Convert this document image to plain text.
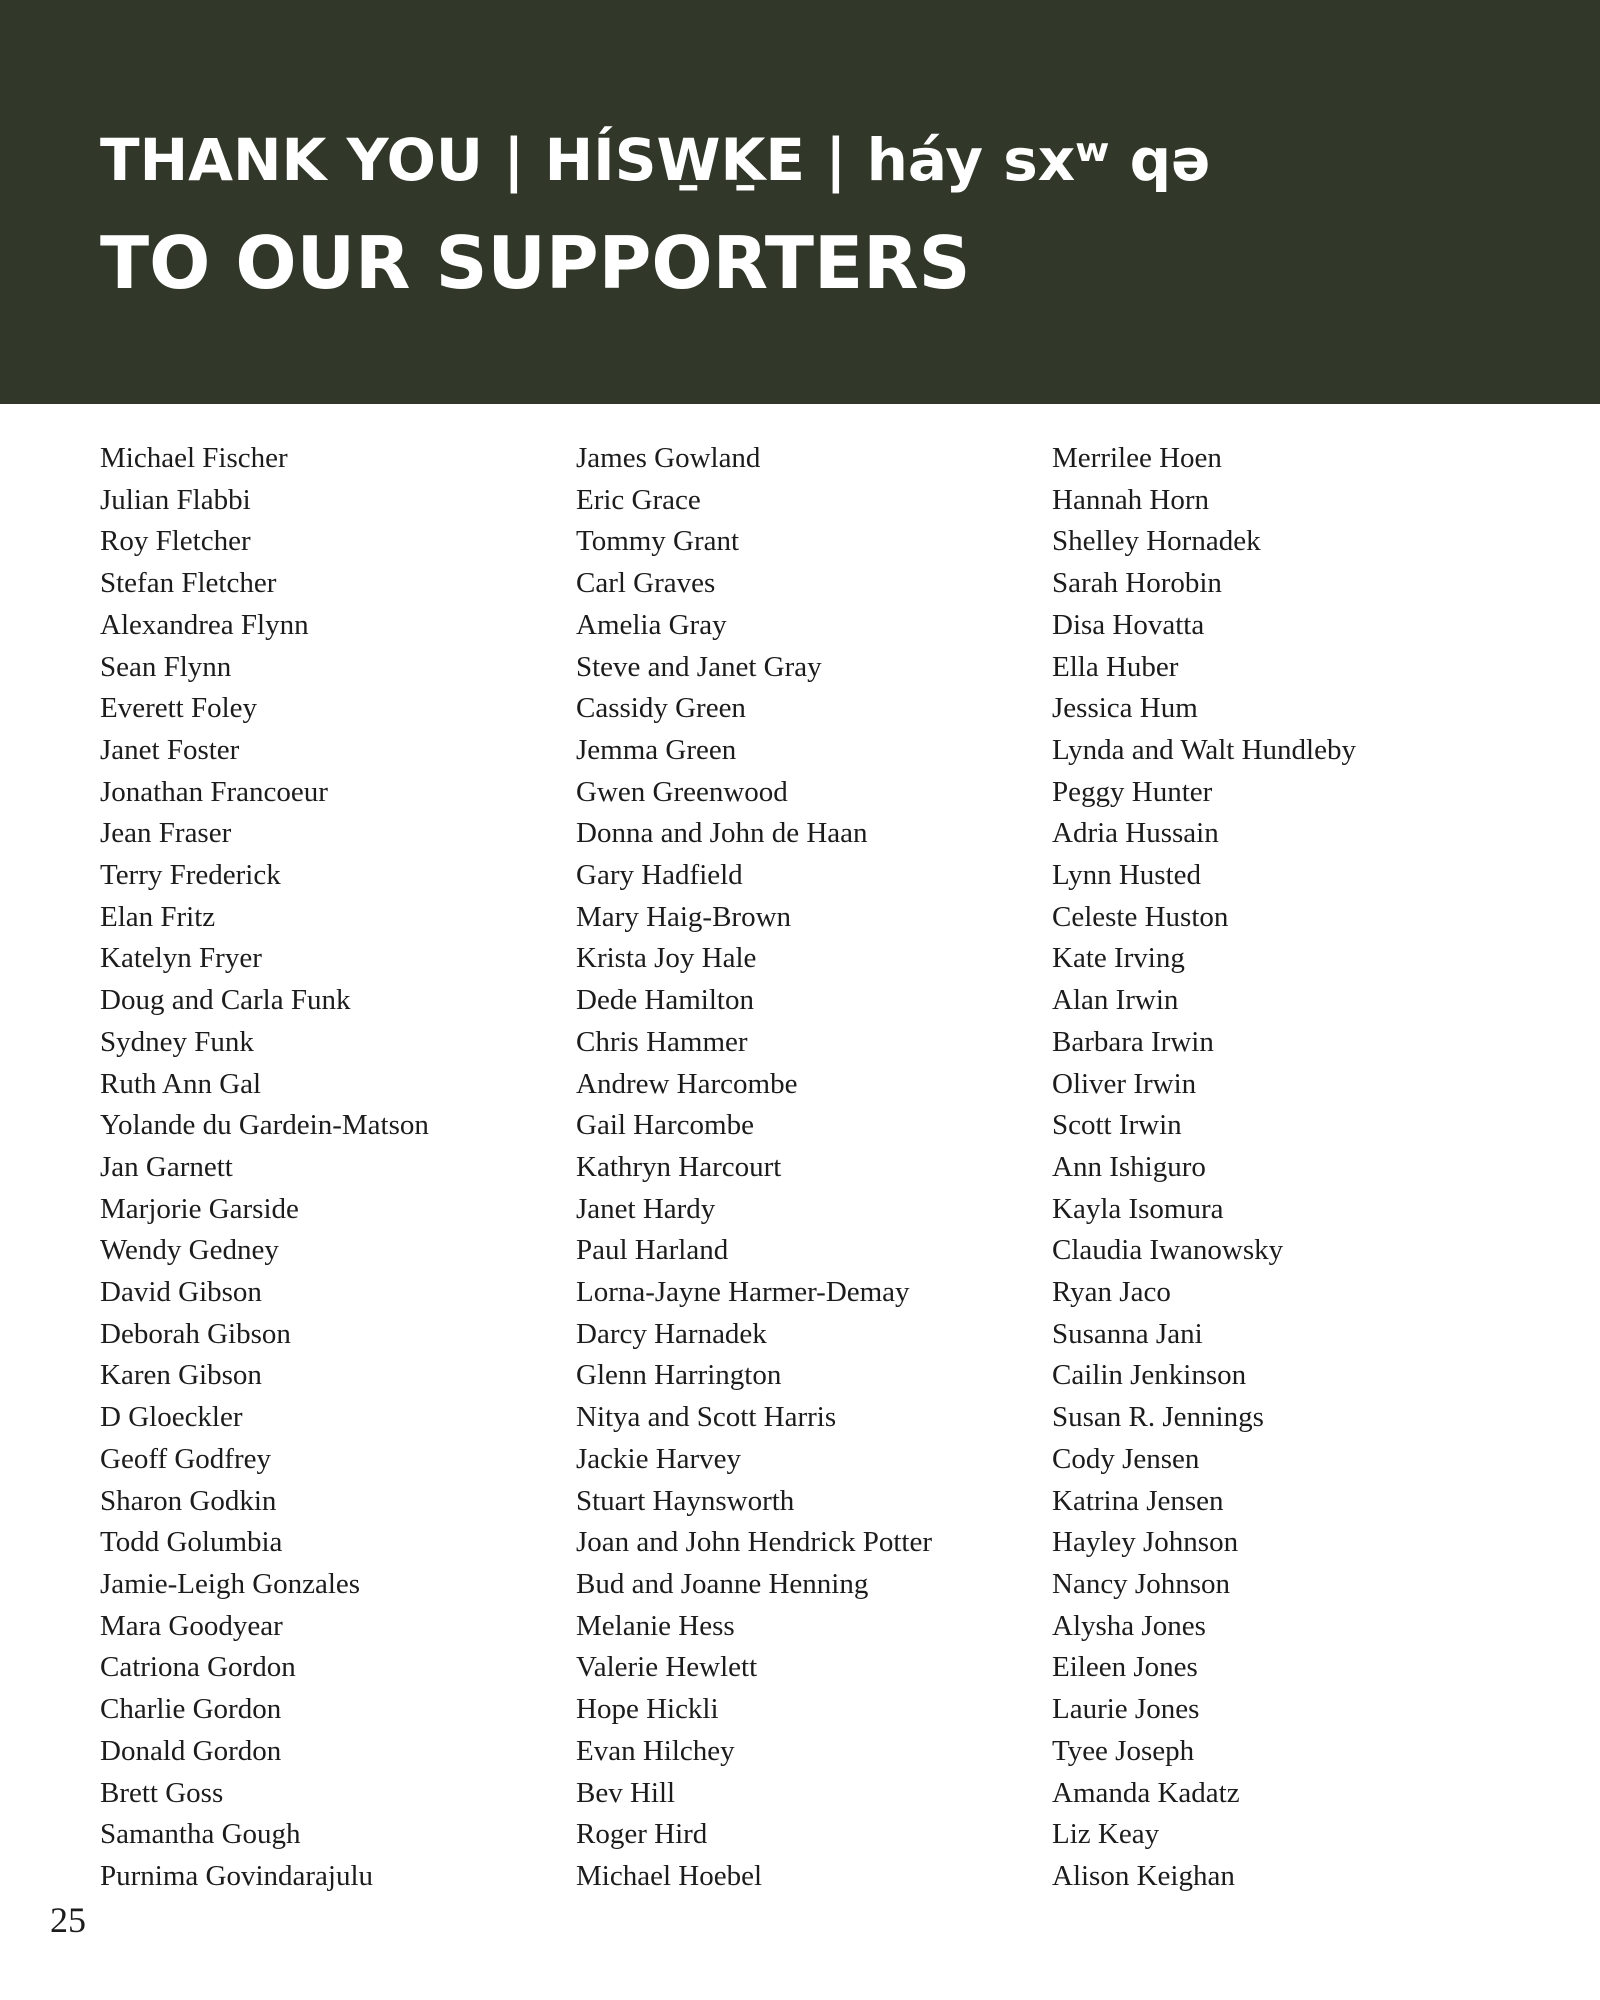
THANK YOU | HÍSW̱ḴE | háy sxʷ qə
TO OUR SUPPORTERS
Michael Fischer
Julian Flabbi
Roy Fletcher
Stefan Fletcher
Alexandrea Flynn
Sean Flynn
Everett Foley
Janet Foster
Jonathan Francoeur
Jean Fraser
Terry Frederick
Elan Fritz
Katelyn Fryer
Doug and Carla Funk
Sydney Funk
Ruth Ann Gal
Yolande du Gardein-Matson
Jan Garnett
Marjorie Garside
Wendy Gedney
David Gibson
Deborah Gibson
Karen Gibson
D Gloeckler
Geoff Godfrey
Sharon Godkin
Todd Golumbia
Jamie-Leigh Gonzales
Mara Goodyear
Catriona Gordon
Charlie Gordon
Donald Gordon
Brett Goss
Samantha Gough
Purnima Govindarajulu
James Gowland
Eric Grace
Tommy Grant
Carl Graves
Amelia Gray
Steve and Janet Gray
Cassidy Green
Jemma Green
Gwen Greenwood
Donna and John de Haan
Gary Hadfield
Mary Haig-Brown
Krista Joy Hale
Dede Hamilton
Chris Hammer
Andrew Harcombe
Gail Harcombe
Kathryn Harcourt
Janet Hardy
Paul Harland
Lorna-Jayne Harmer-Demay
Darcy Harnadek
Glenn Harrington
Nitya and Scott Harris
Jackie Harvey
Stuart Haynsworth
Joan and John Hendrick Potter
Bud and Joanne Henning
Melanie Hess
Valerie Hewlett
Hope Hickli
Evan Hilchey
Bev Hill
Roger Hird
Michael Hoebel
Merrilee Hoen
Hannah Horn
Shelley Hornadek
Sarah Horobin
Disa Hovatta
Ella Huber
Jessica Hum
Lynda and Walt Hundleby
Peggy Hunter
Adria Hussain
Lynn Husted
Celeste Huston
Kate Irving
Alan Irwin
Barbara Irwin
Oliver Irwin
Scott Irwin
Ann Ishiguro
Kayla Isomura
Claudia Iwanowsky
Ryan Jaco
Susanna Jani
Cailin Jenkinson
Susan R. Jennings
Cody Jensen
Katrina Jensen
Hayley Johnson
Nancy Johnson
Alysha Jones
Eileen Jones
Laurie Jones
Tyee Joseph
Amanda Kadatz
Liz Keay
Alison Keighan
25
